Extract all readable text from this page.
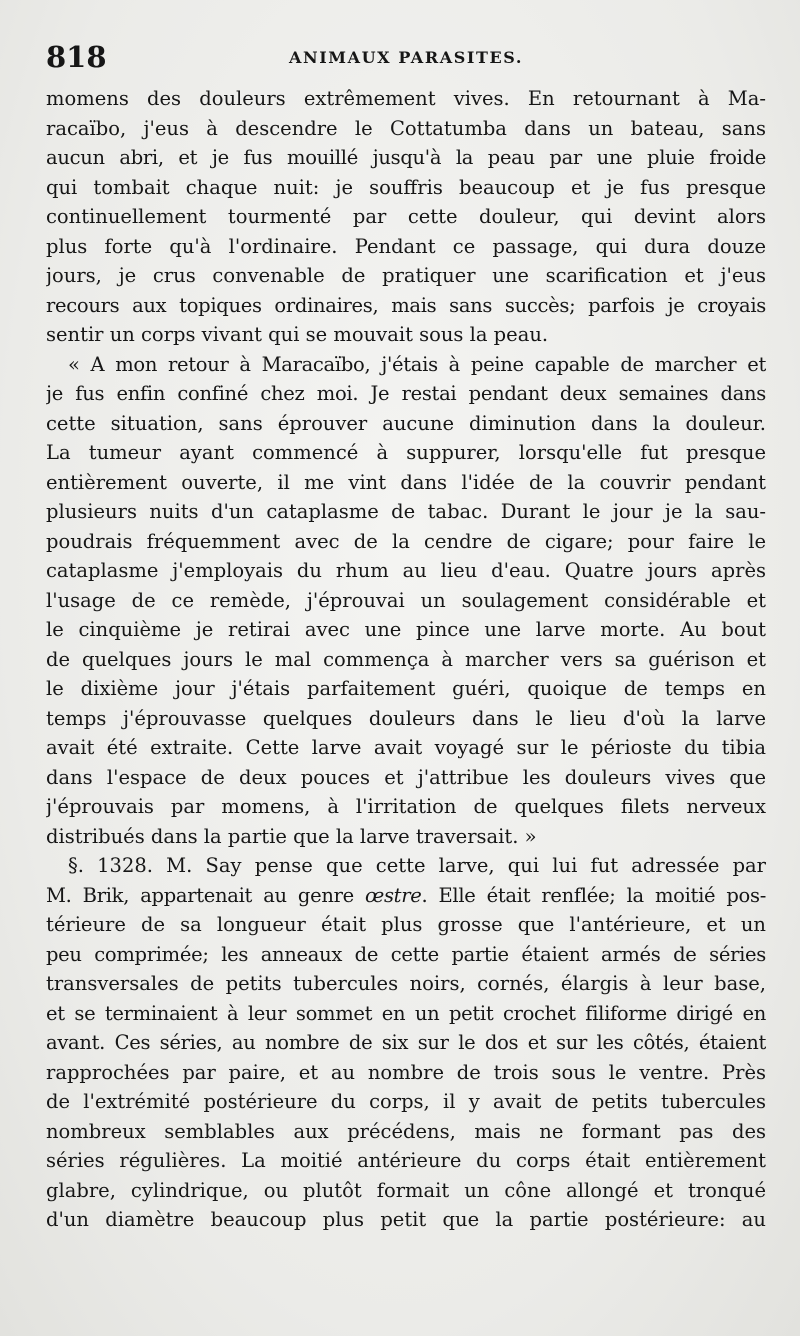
818	ANIMAUX PARASITES.
momens des douleurs extrêmement vives. En retournant à Ma-
racaïbo, j'eus à descendre le Cottatumba dans un bateau, sans
aucun abri, et je fus mouillé jusqu'à la peau par une pluie froide
qui tombait chaque nuit: je souffris beaucoup et je fus presque
continuellement tourmenté par cette douleur, qui devint alors
plus forte qu'à l'ordinaire. Pendant ce passage, qui dura douze
jours, je crus convenable de pratiquer une scarification et j'eus
recours aux topiques ordinaires, mais sans succès; parfois je croyais
sentir un corps vivant qui se mouvait sous la peau.
« A mon retour à Maracaïbo, j'étais à peine capable de marcher et
je fus enfin confiné chez moi. Je restai pendant deux semaines dans
cette situation, sans éprouver aucune diminution dans la douleur.
La tumeur ayant commencé à suppurer, lorsqu'elle fut presque
entièrement ouverte, il me vint dans l'idée de la couvrir pendant
plusieurs nuits d'un cataplasme de tabac. Durant le jour je la sau-
poudrais fréquemment avec de la cendre de cigare; pour faire le
cataplasme j'employais du rhum au lieu d'eau. Quatre jours après
l'usage de ce remède, j'éprouvai un soulagement considérable et
le cinquième je retirai avec une pince une larve morte. Au bout
de quelques jours le mal commença à marcher vers sa guérison et
le dixième jour j'étais parfaitement guéri, quoique de temps en
temps j'éprouvasse quelques douleurs dans le lieu d'où la larve
avait été extraite. Cette larve avait voyagé sur le périoste du tibia
dans l'espace de deux pouces et j'attribue les douleurs vives que
j'éprouvais par momens, à l'irritation de quelques filets nerveux
distribués dans la partie que la larve traversait. »
§. 1328. M. Say pense que cette larve, qui lui fut adressée par
M. Brik, appartenait au genre œstre. Elle était renflée; la moitié pos-
térieure de sa longueur était plus grosse que l'antérieure, et un
peu comprimée; les anneaux de cette partie étaient armés de séries
transversales de petits tubercules noirs, cornés, élargis à leur base,
et se terminaient à leur sommet en un petit crochet filiforme dirigé en
avant. Ces séries, au nombre de six sur le dos et sur les côtés, étaient
rapprochées par paire, et au nombre de trois sous le ventre. Près
de l'extrémité postérieure du corps, il y avait de petits tubercules
nombreux semblables aux précédens, mais ne formant pas des
séries régulières. La moitié antérieure du corps était entièrement
glabre, cylindrique, ou plutôt formait un cône allongé et tronqué
d'un diamètre beaucoup plus petit que la partie postérieure: au
